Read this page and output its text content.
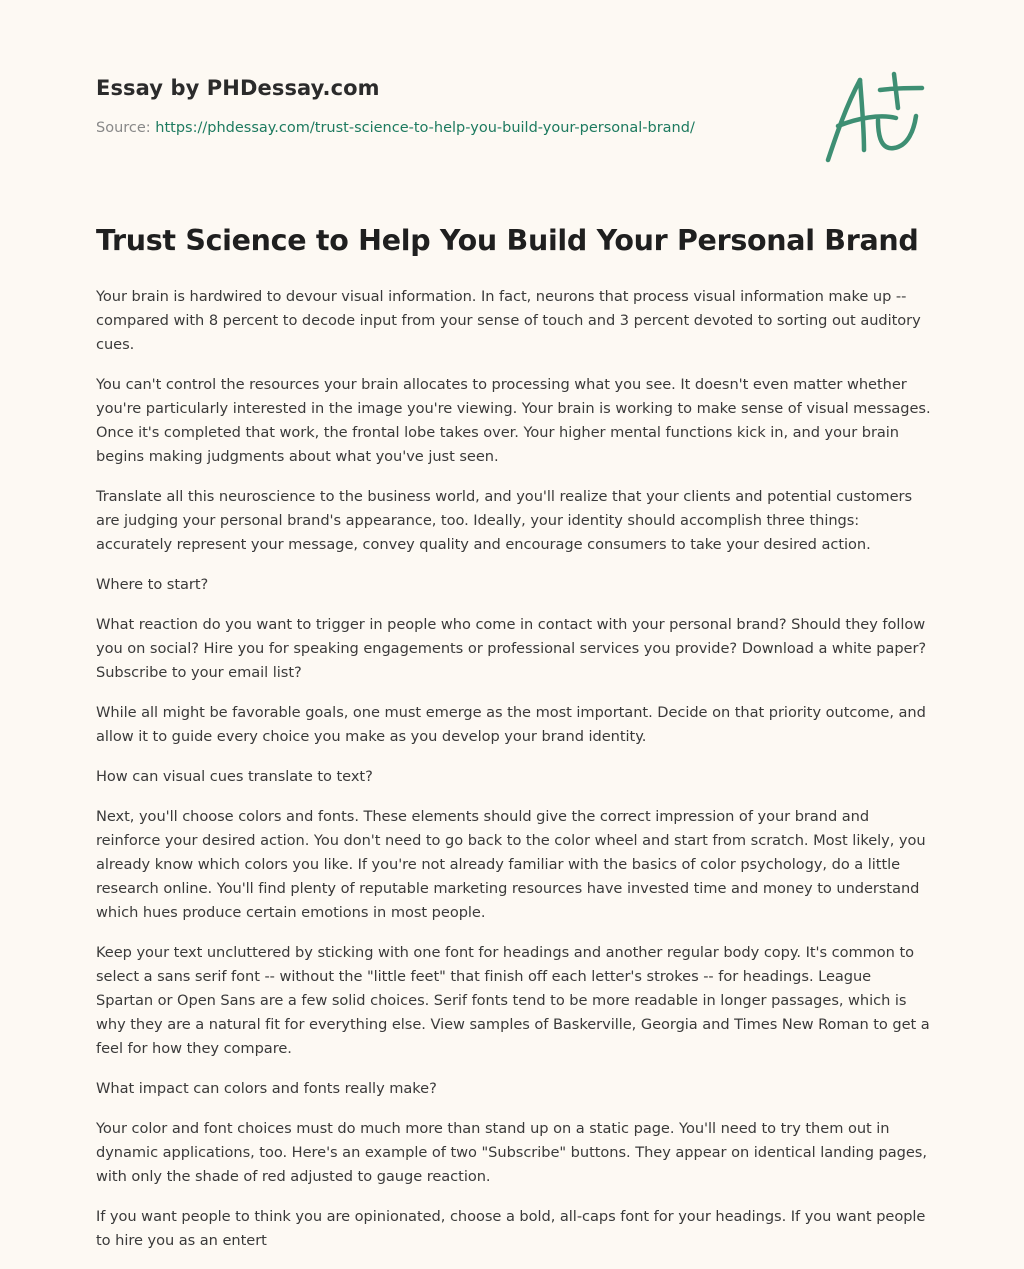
Essay by PHDessay.com
Source: https://phdessay.com/trust-science-to-help-you-build-your-personal-brand/
Trust Science to Help You Build Your Personal Brand

Your brain is hardwired to devour visual information. In fact, neurons that process visual information make up -- compared with 8 percent to decode input from your sense of touch and 3 percent devoted to sorting out auditory cues.

You can't control the resources your brain allocates to processing what you see. It doesn't even matter whether you're particularly interested in the image you're viewing. Your brain is working to make sense of visual messages. Once it's completed that work, the frontal lobe takes over. Your higher mental functions kick in, and your brain begins making judgments about what you've just seen.

Translate all this neuroscience to the business world, and you'll realize that your clients and potential customers are judging your personal brand's appearance, too. Ideally, your identity should accomplish three things: accurately represent your message, convey quality and encourage consumers to take your desired action.

Where to start?

What reaction do you want to trigger in people who come in contact with your personal brand? Should they follow you on social? Hire you for speaking engagements or professional services you provide? Download a white paper? Subscribe to your email list?

While all might be favorable goals, one must emerge as the most important. Decide on that priority outcome, and allow it to guide every choice you make as you develop your brand identity.

How can visual cues translate to text?

Next, you'll choose colors and fonts. These elements should give the correct impression of your brand and reinforce your desired action. You don't need to go back to the color wheel and start from scratch. Most likely, you already know which colors you like. If you're not already familiar with the basics of color psychology, do a little research online. You'll find plenty of reputable marketing resources have invested time and money to understand which hues produce certain emotions in most people.

Keep your text uncluttered by sticking with one font for headings and another regular body copy. It's common to select a sans serif font -- without the "little feet" that finish off each letter's strokes -- for headings. League Spartan or Open Sans are a few solid choices. Serif fonts tend to be more readable in longer passages, which is why they are a natural fit for everything else. View samples of Baskerville, Georgia and Times New Roman to get a feel for how they compare.

What impact can colors and fonts really make?

Your color and font choices must do much more than stand up on a static page. You'll need to try them out in dynamic applications, too. Here's an example of two "Subscribe" buttons. They appear on identical landing pages, with only the shade of red adjusted to gauge reaction.

If you want people to think you are opinionated, choose a bold, all-caps font for your headings. If you want people to hire you as an entert
